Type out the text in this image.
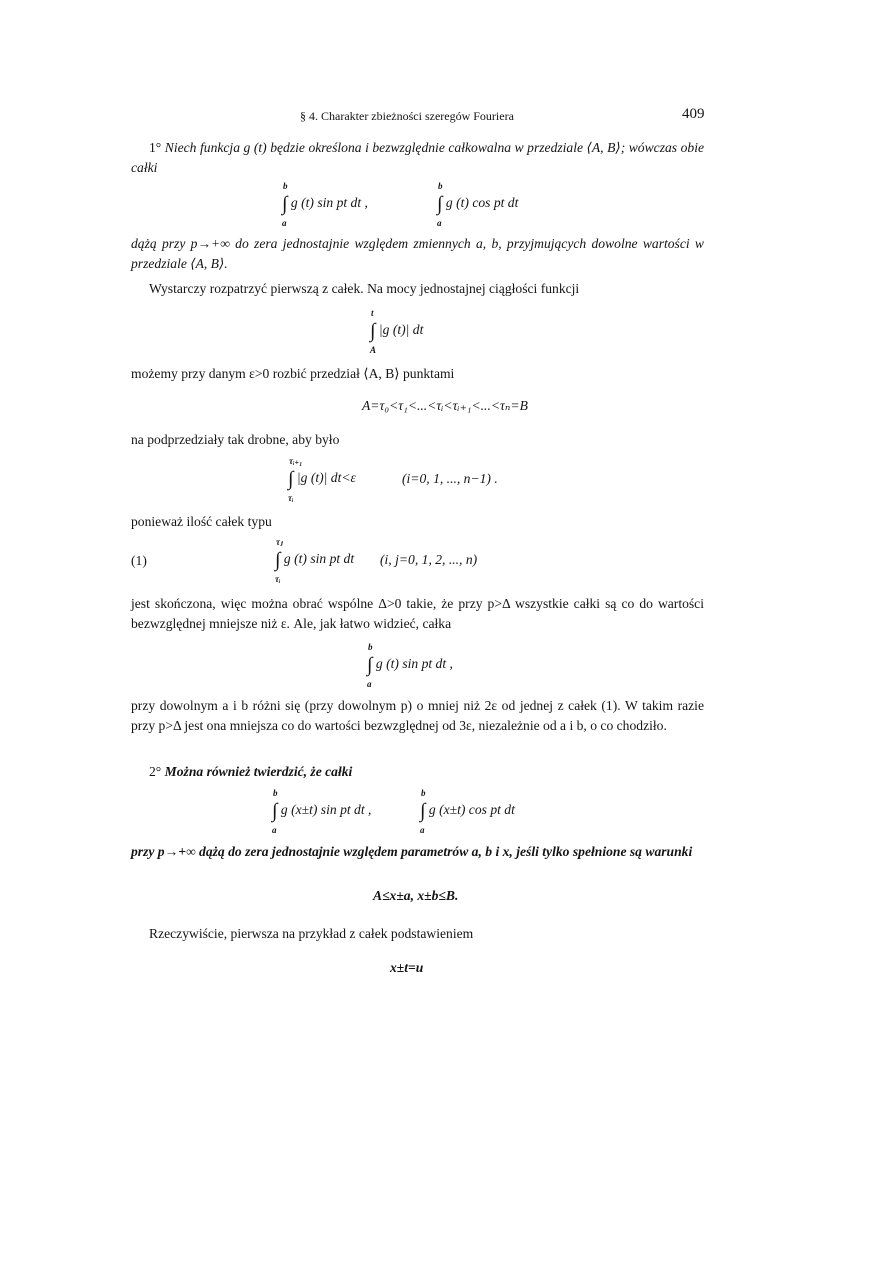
§ 4. Charakter zbieżności szeregów Fouriera	409
1° Niech funkcja g (t) będzie określona i bezwzględnie całkowalna w przedziale ⟨A, B⟩; wówczas obie całki
∫
b
a
g (t) sin pt dt ,	∫
b
a
g (t) cos pt dt
dążą przy p→+∞ do zera jednostajnie względem zmiennych a, b, przyjmujących dowolne wartości w przedziale ⟨A, B⟩.
Wystarczy rozpatrzyć pierwszą z całek. Na mocy jednostajnej ciągłości funkcji
∫
t
A
|g (t)| dt
możemy przy danym ε>0 rozbić przedział ⟨A, B⟩ punktami
A=τ₀<τ₁<...<τᵢ<τᵢ₊₁<...<τₙ=B
na podprzedziały tak drobne, aby było
∫
τᵢ₊₁
τᵢ
|g (t)| dt<ε	(i=0, 1, ..., n−1) .
ponieważ ilość całek typu
(1)	∫
τⱼ
τᵢ
g (t) sin pt dt (i, j=0, 1, 2, ..., n)
jest skończona, więc można obrać wspólne Δ>0 takie, że przy p>Δ wszystkie całki są co do wartości bezwzględnej mniejsze niż ε. Ale, jak łatwo widzieć, całka
∫
b
a
g (t) sin pt dt ,
przy dowolnym a i b różni się (przy dowolnym p) o mniej niż 2ε od jednej z całek (1). W takim razie przy p>Δ jest ona mniejsza co do wartości bezwzględnej od 3ε, niezależnie od a i b, o co chodziło.
2° Można również twierdzić, że całki
∫
b
a
g (x±t) sin pt dt , ∫
b
a
g (x±t) cos pt dt
przy p→+∞ dążą do zera jednostajnie względem parametrów a, b i x, jeśli tylko spełnione są warunki
A≤x±a, x±b≤B.
Rzeczywiście, pierwsza na przykład z całek podstawieniem
x±t=u
